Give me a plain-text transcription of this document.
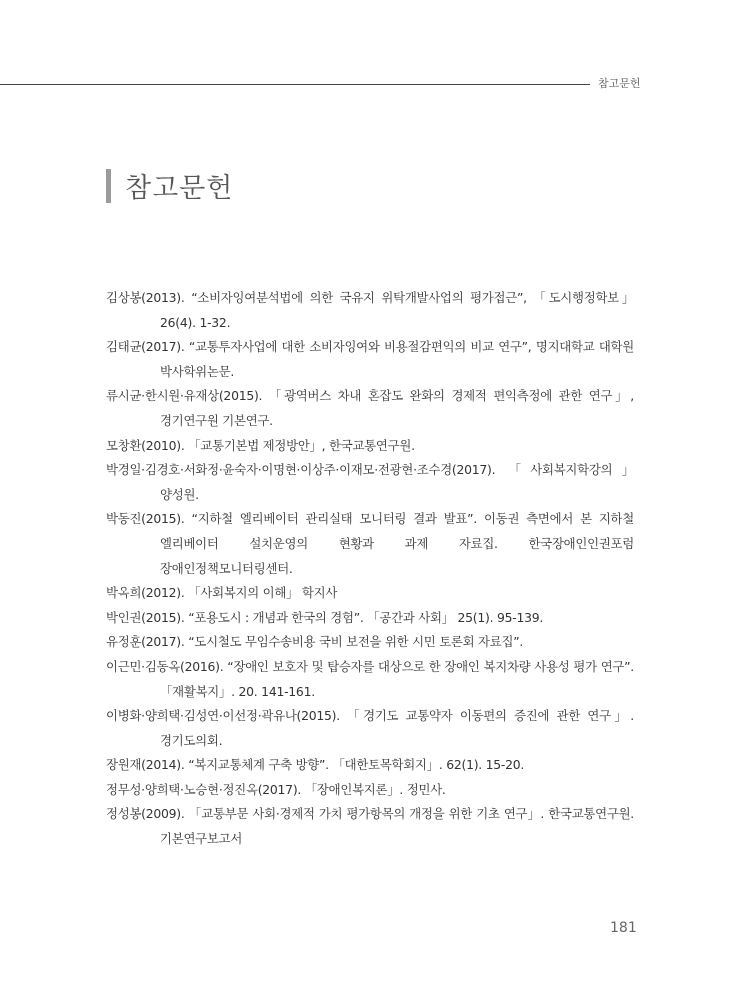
참고문헌
참고문헌

김상봉(2013). “소비자잉여분석법에 의한 국유지 위탁개발사업의 평가접근”, 「도시행정학보」 26(4). 1-32.

김태균(2017). “교통투자사업에 대한 소비자잉여와 비용절감편익의 비교 연구”, 명지대학교 대학원 박사학위논문.

류시균·한시원·유재상(2015). 「광역버스 차내 혼잡도 완화의 경제적 편익측정에 관한 연구」, 경기연구원 기본연구.

모창환(2010). 「교통기본법 제정방안」, 한국교통연구원.

박경일·김경호·서화정·윤숙자·이명현·이상주·이재모·전광현·조수경(2017). 「사회복지학강의」 양성원.

박동진(2015). “지하철 엘리베이터 관리실태 모니터링 결과 발표”. 이동권 측면에서 본 지하철 엘리베이터 설치운영의 현황과 과제 자료집. 한국장애인인권포럼 장애인정책모니터링센터.

박옥희(2012). 「사회복지의 이해」 학지사

박인권(2015). “포용도시 : 개념과 한국의 경험”. 「공간과 사회」 25(1). 95-139.

유정훈(2017). “도시철도 무임수송비용 국비 보전을 위한 시민 토론회 자료집”.

이근민·김동옥(2016). “장애인 보호자 및 탑승자를 대상으로 한 장애인 복지차량 사용성 평가 연구”. 「재활복지」. 20. 141-161.

이병화·양희택·김성연·이선정·곽유나(2015). 「경기도 교통약자 이동편의 증진에 관한 연구」. 경기도의회.

장원재(2014). “복지교통체계 구축 방향”. 「대한토목학회지」. 62(1). 15-20.

정무성·양희택·노승현·정진옥(2017). 「장애인복지론」. 정민사.

정성봉(2009). 「교통부문 사회·경제적 가치 평가항목의 개정을 위한 기초 연구」. 한국교통연구원. 기본연구보고서

181
